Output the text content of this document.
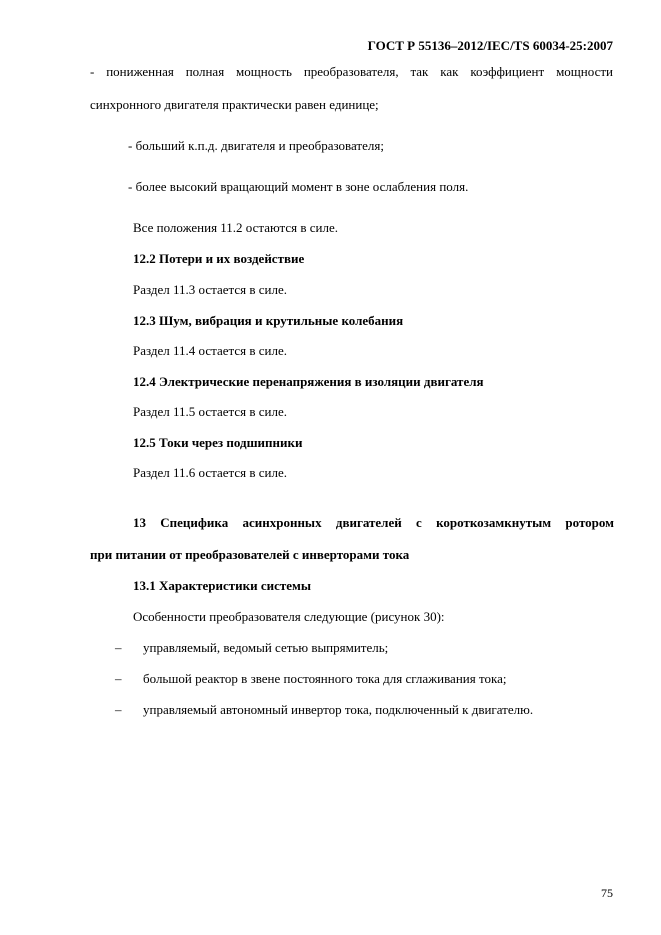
ГОСТ Р 55136–2012/IEC/TS 60034-25:2007
- пониженная полная мощность преобразователя, так как коэффициент мощности
синхронного двигателя практически равен единице;
- больший к.п.д. двигателя и преобразователя;
- более высокий вращающий момент в зоне ослабления поля.
Все положения 11.2 остаются в силе.
12.2 Потери и их воздействие
Раздел 11.3 остается в силе.
12.3 Шум, вибрация и крутильные колебания
Раздел 11.4 остается в силе.
12.4 Электрические перенапряжения в изоляции двигателя
Раздел 11.5 остается в силе.
12.5 Токи через подшипники
Раздел 11.6 остается в силе.
13 Специфика асинхронных двигателей с короткозамкнутым ротором
при питании от преобразователей с инверторами тока
13.1 Характеристики системы
Особенности преобразователя следующие (рисунок 30):
– управляемый, ведомый сетью выпрямитель;
– большой реактор в звене постоянного тока для сглаживания тока;
– управляемый автономный инвертор тока, подключенный к двигателю.
75
